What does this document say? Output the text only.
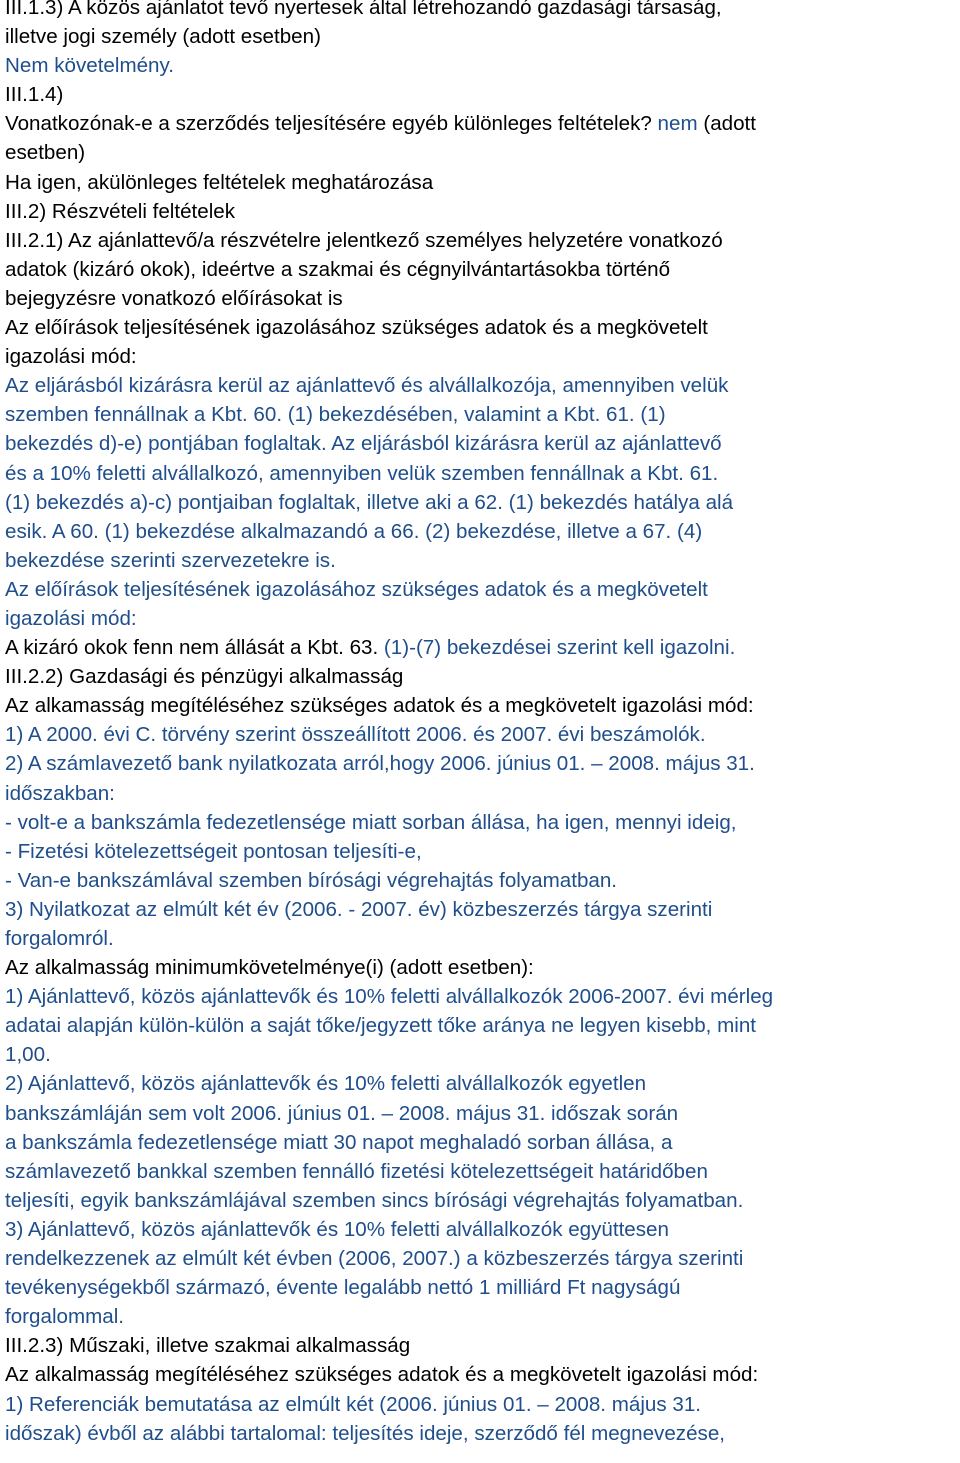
III.1.3) A közös ajánlatot tevő nyertesek által létrehozandó gazdasági társaság,
illetve jogi személy (adott esetben)
Nem követelmény.
III.1.4)
Vonatkozónak-e a szerződés teljesítésére egyéb különleges feltételek? nem (adott
esetben)
Ha igen, akülönleges feltételek meghatározása
III.2) Részvételi feltételek
III.2.1) Az ajánlattevő/a részvételre jelentkező személyes helyzetére vonatkozó
adatok (kizáró okok), ideértve a szakmai és cégnyilvántartásokba történő
bejegyzésre vonatkozó előírásokat is
Az előírások teljesítésének igazolásához szükséges adatok és a megkövetelt
igazolási mód:
Az eljárásból kizárásra kerül az ajánlattevő és alvállalkozója, amennyiben velük
szemben fennállnak a Kbt. 60. (1) bekezdésében, valamint a Kbt. 61. (1)
bekezdés d)-e) pontjában foglaltak. Az eljárásból kizárásra kerül az ajánlattevő
és a 10% feletti alvállalkozó, amennyiben velük szemben fennállnak a Kbt. 61.
(1) bekezdés a)-c) pontjaiban foglaltak, illetve aki a 62. (1) bekezdés hatálya alá
esik. A 60. (1) bekezdése alkalmazandó a 66. (2) bekezdése, illetve a 67. (4)
bekezdése szerinti szervezetekre is.
Az előírások teljesítésének igazolásához szükséges adatok és a megkövetelt
igazolási mód:
A kizáró okok fenn nem állását a Kbt. 63. (1)-(7) bekezdései szerint kell igazolni.
III.2.2) Gazdasági és pénzügyi alkalmasság
Az alkamasság megítéléséhez szükséges adatok és a megkövetelt igazolási mód:
1) A 2000. évi C. törvény szerint összeállított 2006. és 2007. évi beszámolók.
2) A számlavezető bank nyilatkozata arról,hogy 2006. június 01. – 2008. május 31.
időszakban:
- volt-e a bankszámla fedezetlensége miatt sorban állása, ha igen, mennyi ideig,
- Fizetési kötelezettségeit pontosan teljesíti-e,
- Van-e bankszámlával szemben bírósági végrehajtás folyamatban.
3) Nyilatkozat az elmúlt két év (2006. - 2007. év) közbeszerzés tárgya szerinti
forgalomról.
Az alkalmasság minimumkövetelménye(i) (adott esetben):
1) Ajánlattevő, közös ajánlattevők és 10% feletti alvállalkozók 2006-2007. évi mérleg
adatai alapján külön-külön a saját tőke/jegyzett tőke aránya ne legyen kisebb, mint
1,00.
2) Ajánlattevő, közös ajánlattevők és 10% feletti alvállalkozók egyetlen
bankszámláján sem volt 2006. június 01. – 2008. május 31. időszak során
a bankszámla fedezetlensége miatt 30 napot meghaladó sorban állása, a
számlavezető bankkal szemben fennálló fizetési kötelezettségeit határidőben
teljesíti, egyik bankszámlájával szemben sincs bírósági végrehajtás folyamatban.
3) Ajánlattevő, közös ajánlattevők és 10% feletti alvállalkozók együttesen
rendelkezzenek az elmúlt két évben (2006, 2007.) a közbeszerzés tárgya szerinti
tevékenységekből származó, évente legalább nettó 1 milliárd Ft nagyságú
forgalommal.
III.2.3) Műszaki, illetve szakmai alkalmasság
Az alkalmasság megítéléséhez szükséges adatok és a megkövetelt igazolási mód:
1) Referenciák bemutatása az elmúlt két (2006. június 01. – 2008. május 31.
időszak) évből az alábbi tartalomal: teljesítés ideje, szerződő fél megnevezése,
